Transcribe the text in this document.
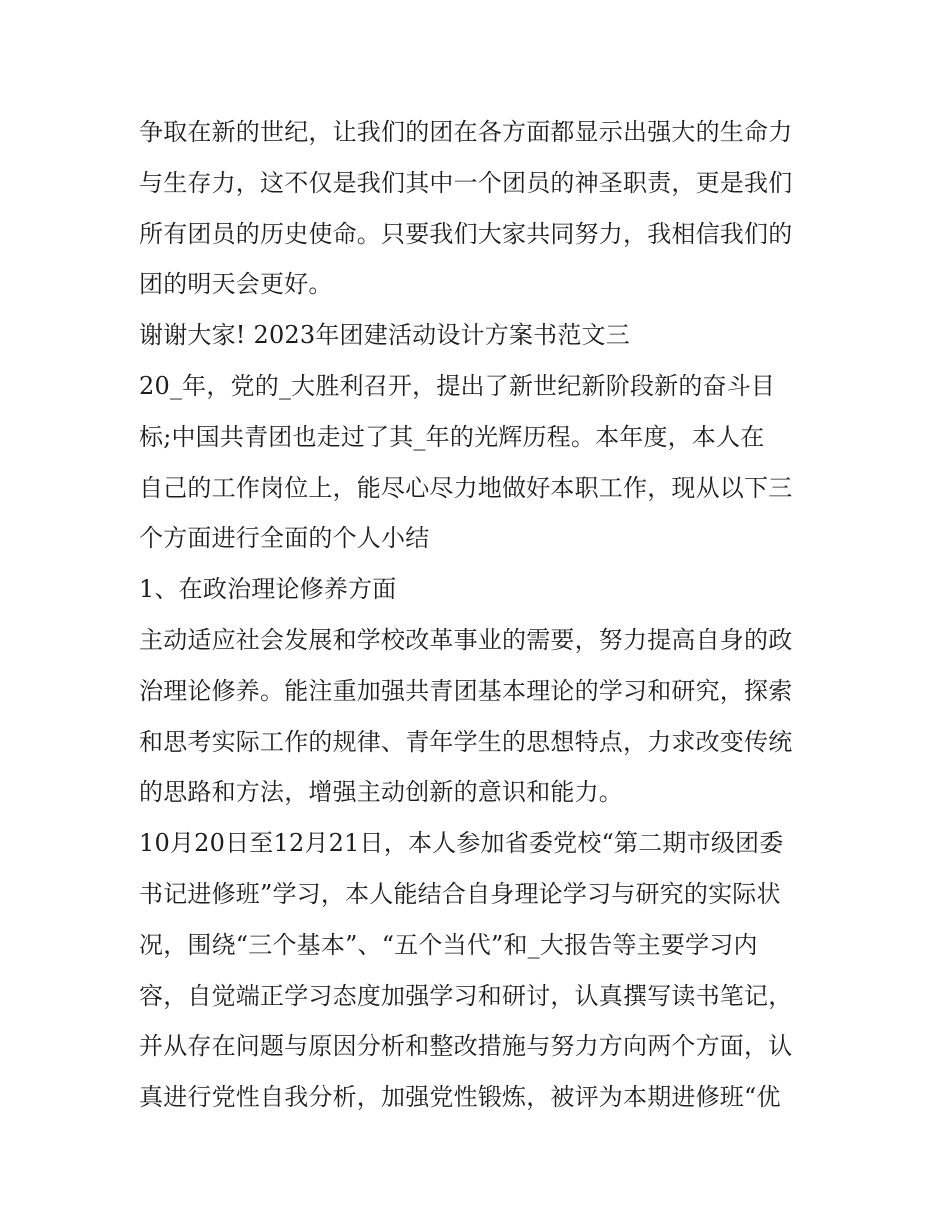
争取在新的世纪，让我们的团在各方面都显示出强大的生命力
与生存力，这不仅是我们其中一个团员的神圣职责，更是我们
所有团员的历史使命。只要我们大家共同努力，我相信我们的
团的明天会更好。
谢谢大家! 2023年团建活动设计方案书范文三
20_年，党的_大胜利召开，提出了新世纪新阶段新的奋斗目
标;中国共青团也走过了其_年的光辉历程。本年度，本人在
自己的工作岗位上，能尽心尽力地做好本职工作，现从以下三
个方面进行全面的个人小结
1、在政治理论修养方面
主动适应社会发展和学校改革事业的需要，努力提高自身的政
治理论修养。能注重加强共青团基本理论的学习和研究，探索
和思考实际工作的规律、青年学生的思想特点，力求改变传统
的思路和方法，增强主动创新的意识和能力。
10月20日至12月21日，本人参加省委党校“第二期市级团委
书记进修班”学习，本人能结合自身理论学习与研究的实际状
况，围绕“三个基本”、“五个当代”和_大报告等主要学习内
容，自觉端正学习态度加强学习和研讨，认真撰写读书笔记，
并从存在问题与原因分析和整改措施与努力方向两个方面，认
真进行党性自我分析，加强党性锻炼，被评为本期进修班“优
